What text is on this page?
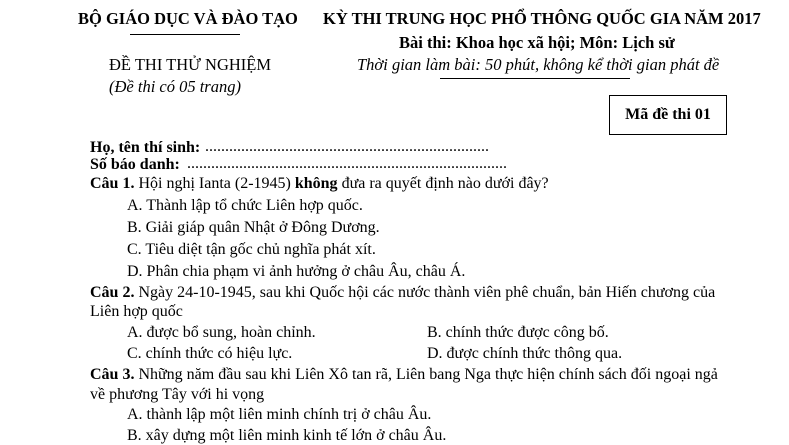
BỘ GIÁO DỤC VÀ ĐÀO TẠO KỲ THI TRUNG HỌC PHỔ THÔNG QUỐC GIA NĂM 2017
Bài thi: Khoa học xã hội; Môn: Lịch sử
ĐỀ THI THỬ NGHIỆM	Thời gian làm bài: 50 phút, không kể thời gian phát đề
(Đề thi có 05 trang)
Mã đề thi 01
Họ, tên thí sinh: .......................................................................
Số báo danh: ................................................................................
Câu 1. Hội nghị Ianta (2-1945) không đưa ra quyết định nào dưới đây?
A. Thành lập tổ chức Liên hợp quốc.
B. Giải giáp quân Nhật ở Đông Dương.
C. Tiêu diệt tận gốc chủ nghĩa phát xít.
D. Phân chia phạm vi ảnh hưởng ở châu Âu, châu Á.
Câu 2. Ngày 24-10-1945, sau khi Quốc hội các nước thành viên phê chuẩn, bản Hiến chương của
Liên hợp quốc
A. được bổ sung, hoàn chỉnh.	B. chính thức được công bố.
C. chính thức có hiệu lực.	D. được chính thức thông qua.
Câu 3. Những năm đầu sau khi Liên Xô tan rã, Liên bang Nga thực hiện chính sách đối ngoại ngả
về phương Tây với hi vọng
A. thành lập một liên minh chính trị ở châu Âu.
B. xây dựng một liên minh kinh tế lớn ở châu Âu.
